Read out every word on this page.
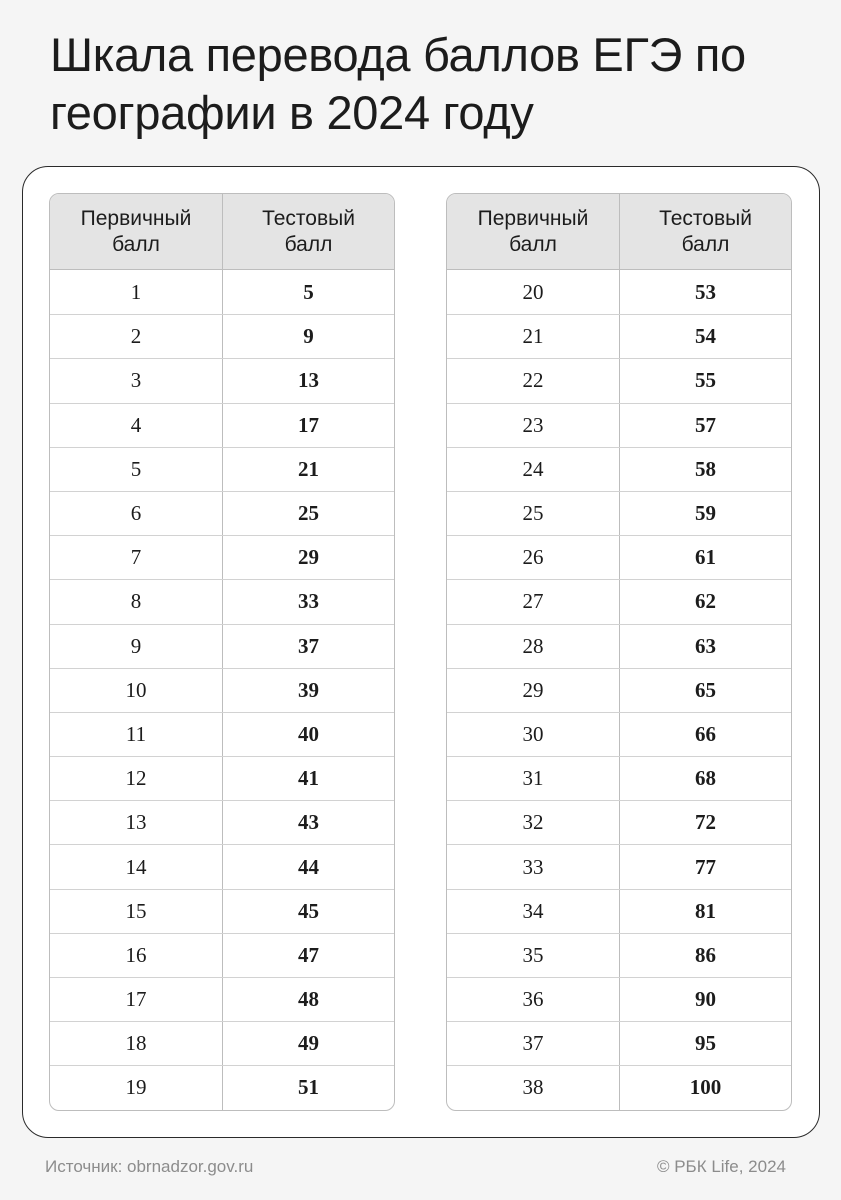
Шкала перевода баллов ЕГЭ по географии в 2024 году
Первичный
балл
Тестовый
балл
1	5
2	9
3	13
4	17
5	21
6	25
7	29
8	33
9	37
10	39
11	40
12	41
13	43
14	44
15	45
16	47
17	48
18	49
19	51
Первичный
балл
Тестовый
балл
20	53
21	54
22	55
23	57
24	58
25	59
26	61
27	62
28	63
29	65
30	66
31	68
32	72
33	77
34	81
35	86
36	90
37	95
38	100
Источник: obrnadzor.gov.ru	© РБК Life, 2024
